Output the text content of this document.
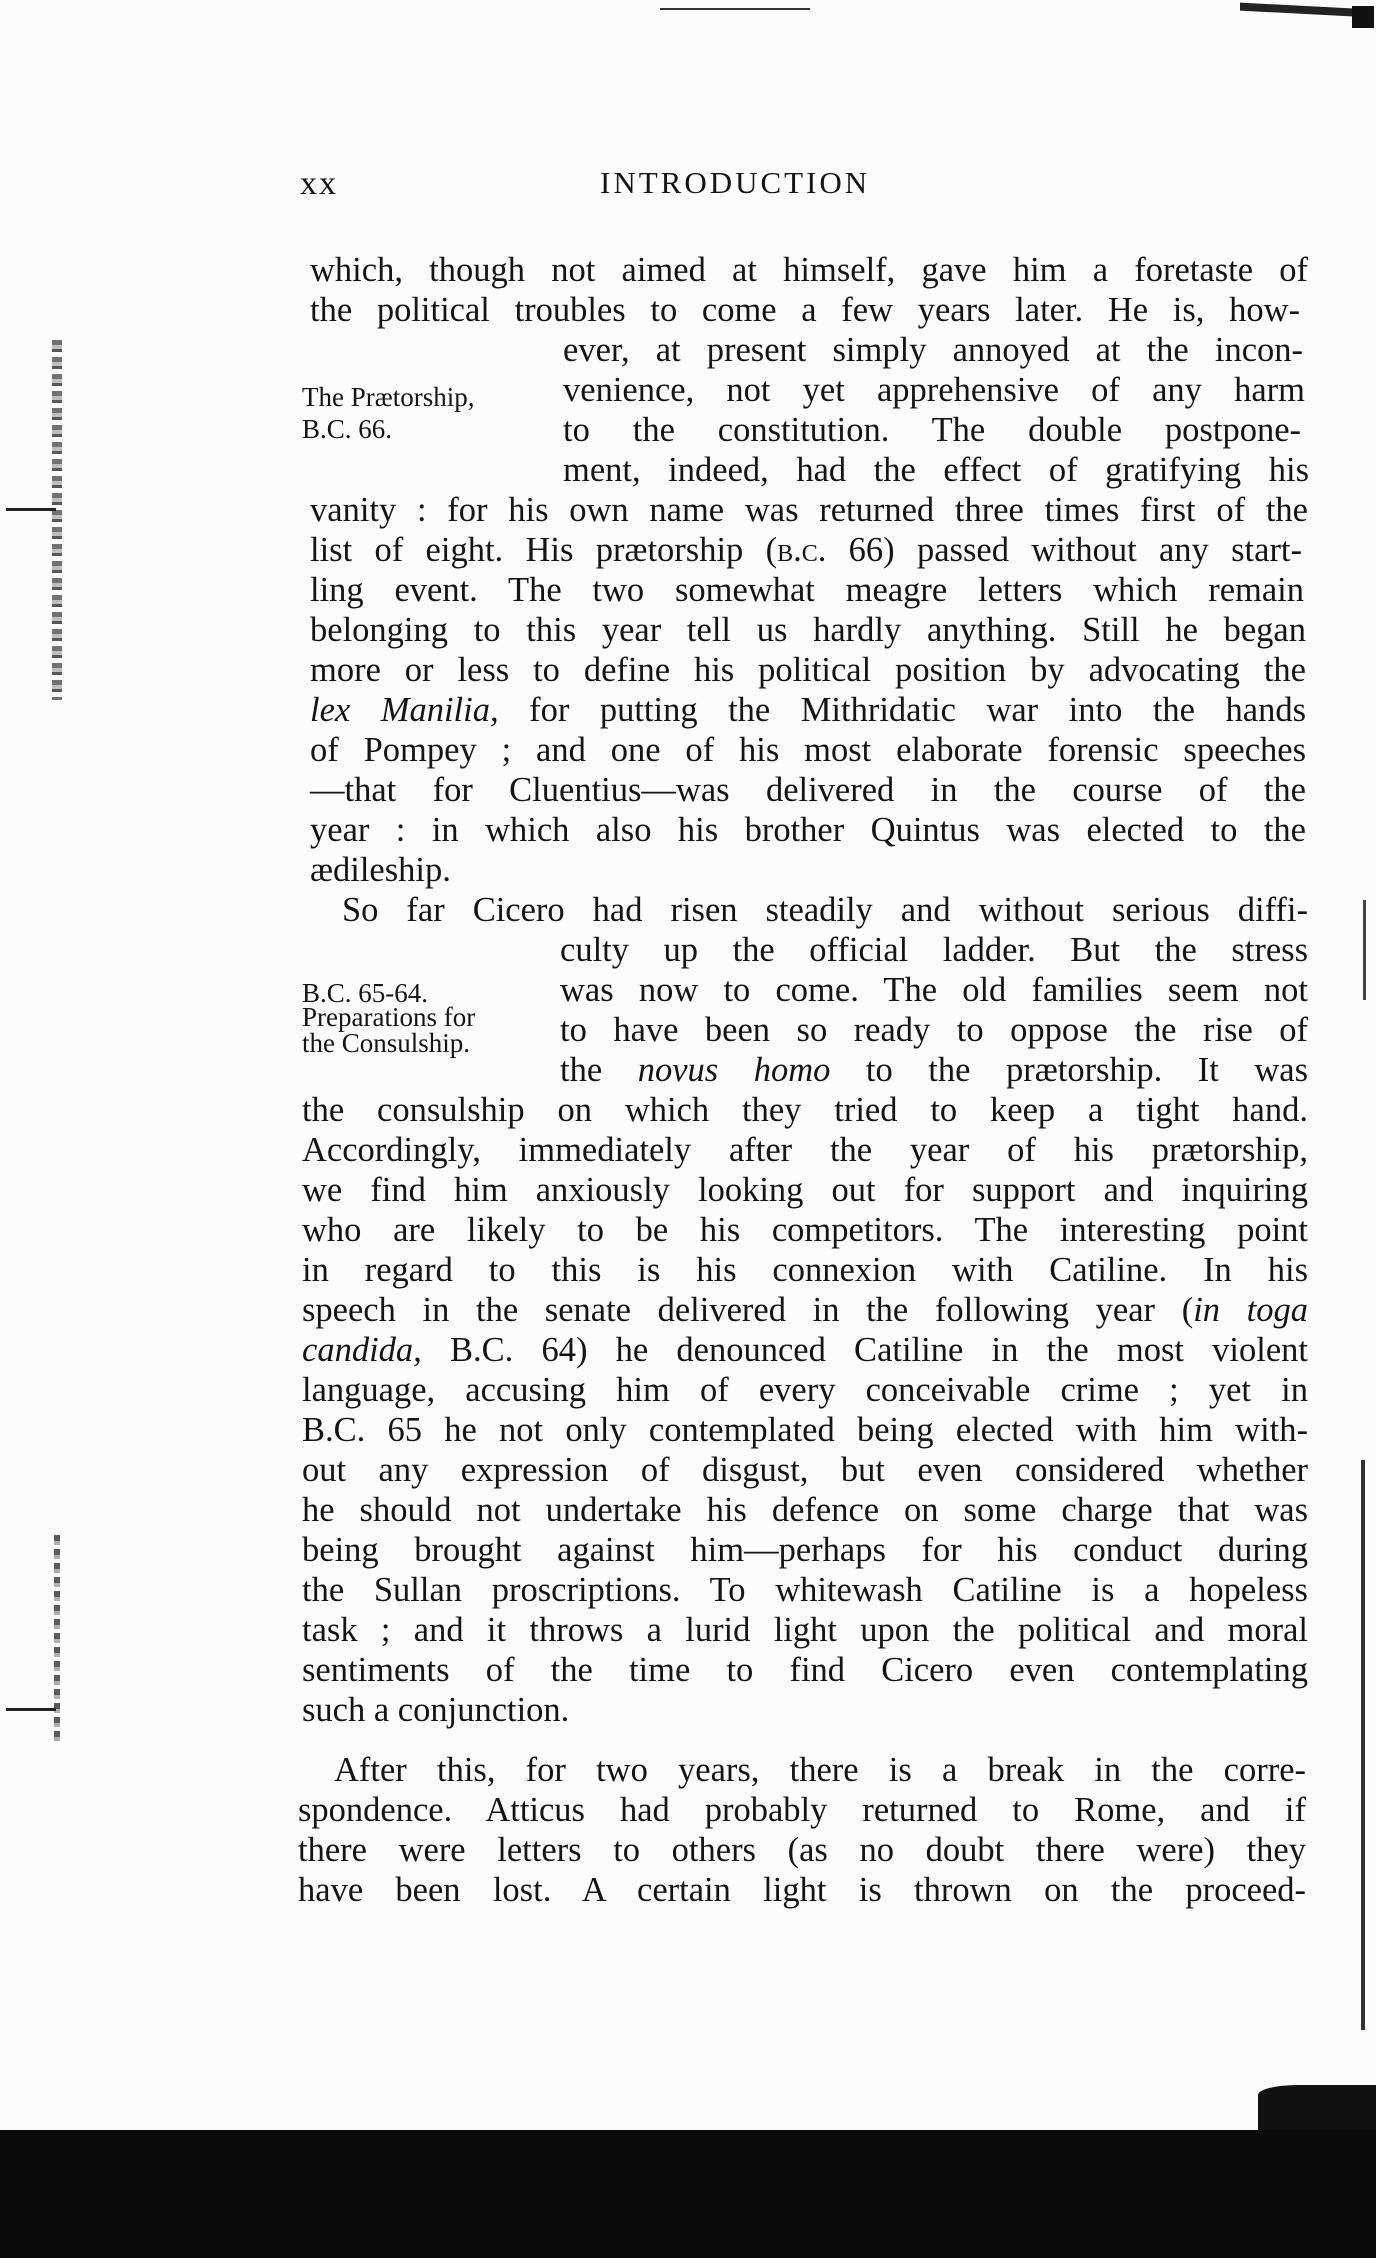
xx	INTRODUCTION
The Prætorship,
B.C. 66.
B.C. 65-64.
Preparations for
the Consulship.
which, though not aimed at himself, gave him a foretaste of
the political troubles to come a few years later. He is, how-
ever, at present simply annoyed at the incon-
venience, not yet apprehensive of any harm
to the constitution. The double postpone-
ment, indeed, had the effect of gratifying his
vanity : for his own name was returned three times first of the
list of eight. His prætorship (b.c. 66) passed without any start-
ling event. The two somewhat meagre letters which remain
belonging to this year tell us hardly anything. Still he began
more or less to define his political position by advocating the
lex Manilia, for putting the Mithridatic war into the hands
of Pompey ; and one of his most elaborate forensic speeches
—that for Cluentius—was delivered in the course of the
year : in which also his brother Quintus was elected to the
ædileship.
So far Cicero had risen steadily and without serious diffi-
culty up the official ladder. But the stress
was now to come. The old families seem not
to have been so ready to oppose the rise of
the novus homo to the prætorship. It was
the consulship on which they tried to keep a tight hand.
Accordingly, immediately after the year of his prætorship,
we find him anxiously looking out for support and inquiring
who are likely to be his competitors. The interesting point
in regard to this is his connexion with Catiline. In his
speech in the senate delivered in the following year (in toga
candida, B.C. 64) he denounced Catiline in the most violent
language, accusing him of every conceivable crime ; yet in
B.C. 65 he not only contemplated being elected with him with-
out any expression of disgust, but even considered whether
he should not undertake his defence on some charge that was
being brought against him—perhaps for his conduct during
the Sullan proscriptions. To whitewash Catiline is a hopeless
task ; and it throws a lurid light upon the political and moral
sentiments of the time to find Cicero even contemplating
such a conjunction.
After this, for two years, there is a break in the corre-
spondence. Atticus had probably returned to Rome, and if
there were letters to others (as no doubt there were) they
have been lost. A certain light is thrown on the proceed-
